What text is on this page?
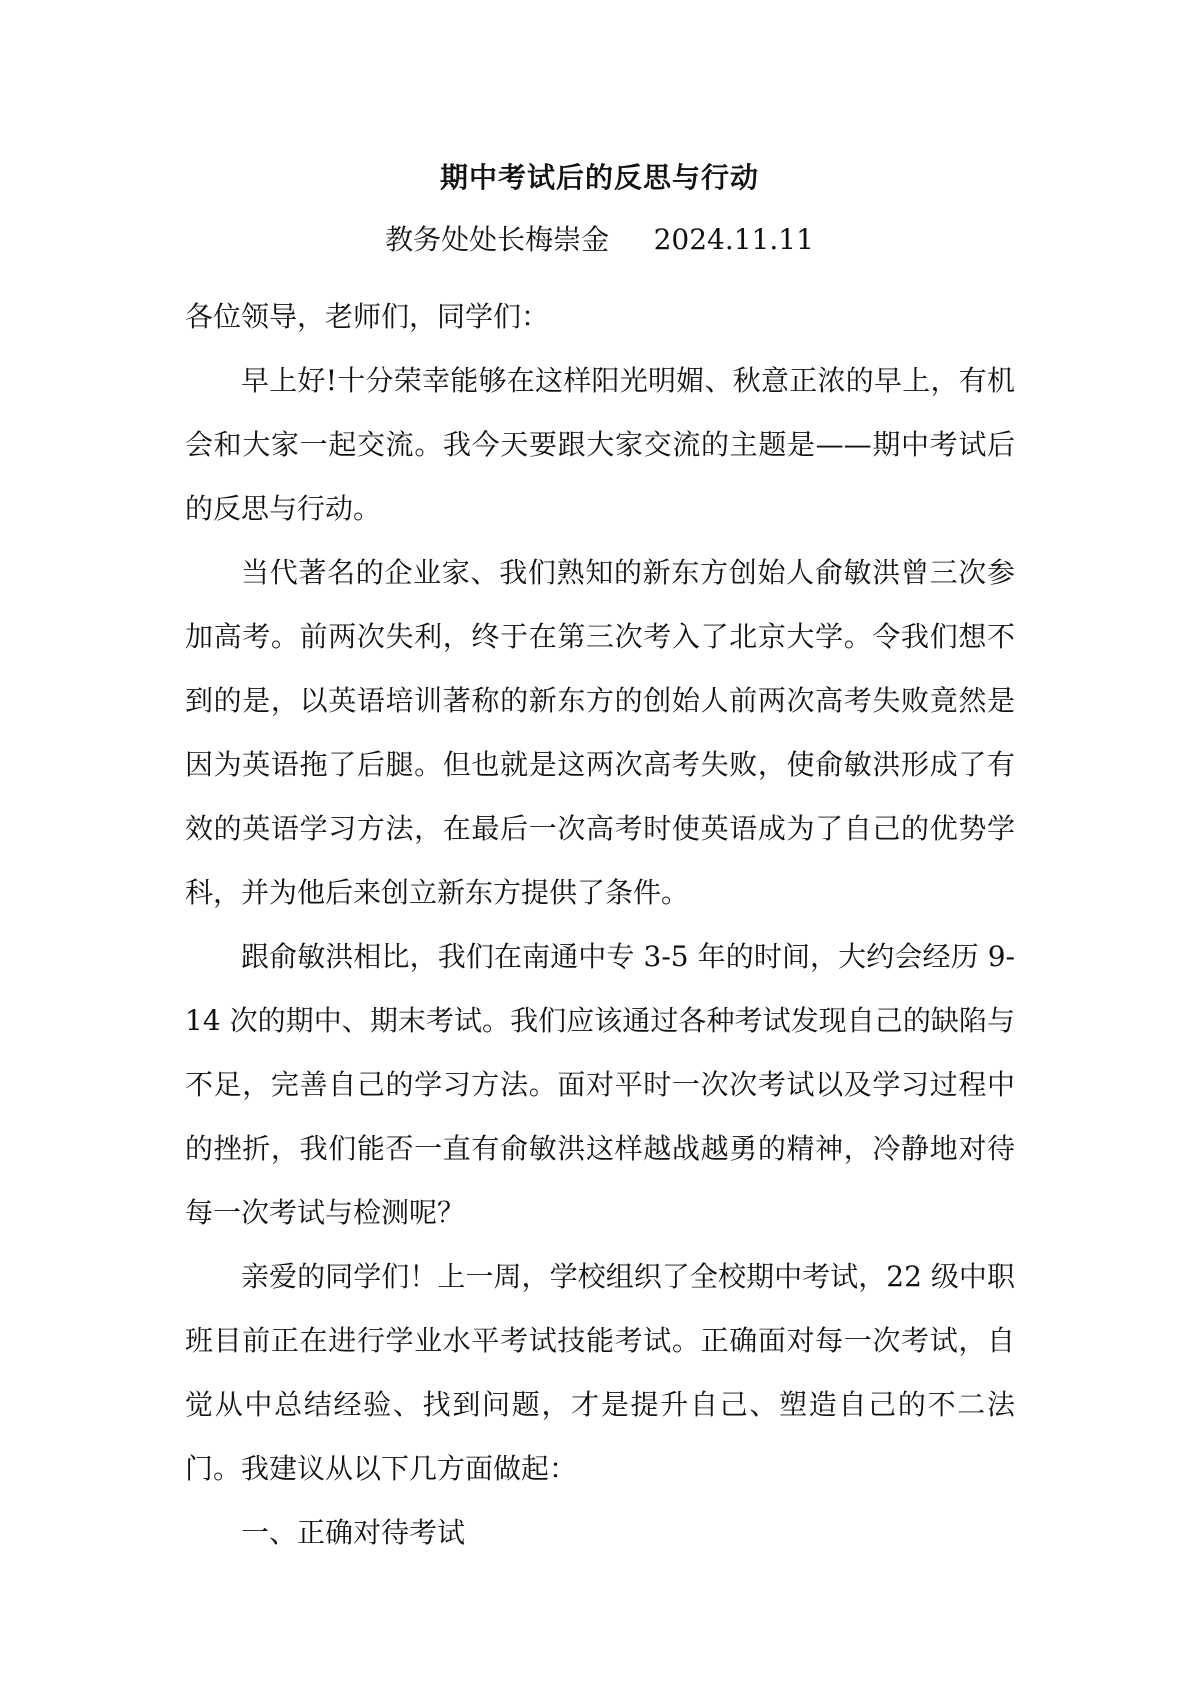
期中考试后的反思与行动
教务处处长梅崇金     2024.11.11

各位领导，老师们，同学们：

早上好!十分荣幸能够在这样阳光明媚、秋意正浓的早上，有机会和大家一起交流。我今天要跟大家交流的主题是——期中考试后的反思与行动。

当代著名的企业家、我们熟知的新东方创始人俞敏洪曾三次参加高考。前两次失利，终于在第三次考入了北京大学。令我们想不到的是，以英语培训著称的新东方的创始人前两次高考失败竟然是因为英语拖了后腿。但也就是这两次高考失败，使俞敏洪形成了有效的英语学习方法，在最后一次高考时使英语成为了自己的优势学科，并为他后来创立新东方提供了条件。

跟俞敏洪相比，我们在南通中专 3-5 年的时间，大约会经历 9-14 次的期中、期末考试。我们应该通过各种考试发现自己的缺陷与不足，完善自己的学习方法。面对平时一次次考试以及学习过程中的挫折，我们能否一直有俞敏洪这样越战越勇的精神，冷静地对待每一次考试与检测呢？

亲爱的同学们！上一周，学校组织了全校期中考试，22 级中职班目前正在进行学业水平考试技能考试。正确面对每一次考试，自觉从中总结经验、找到问题，才是提升自己、塑造自己的不二法门。我建议从以下几方面做起：

一、正确对待考试
